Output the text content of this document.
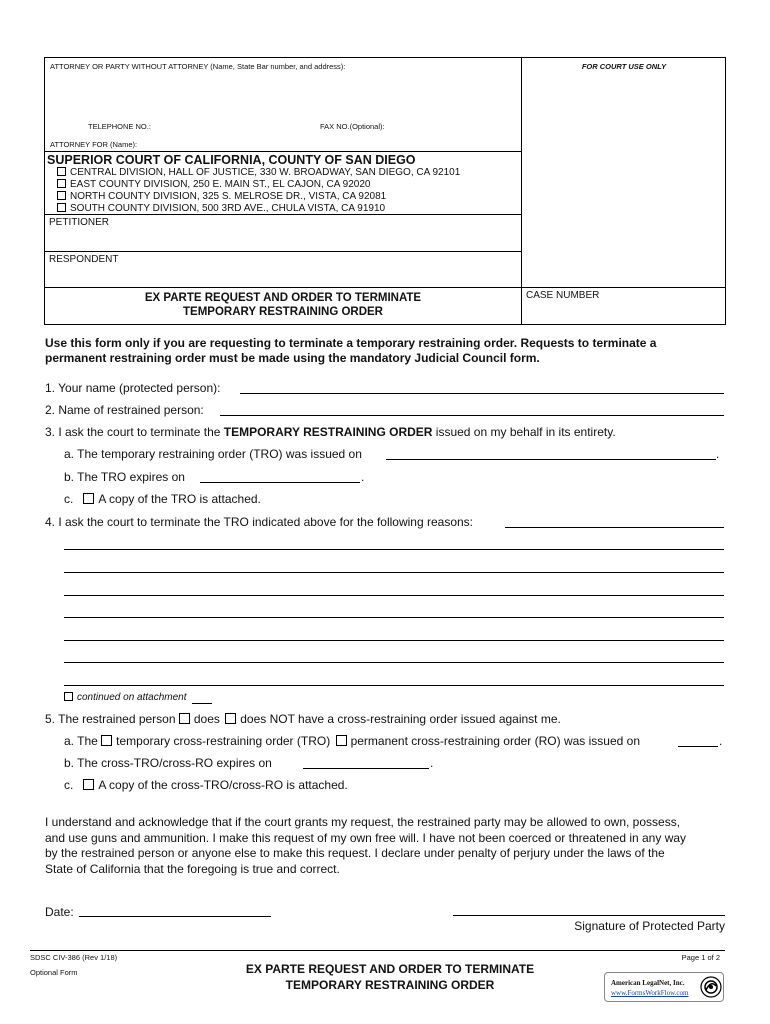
ATTORNEY OR PARTY WITHOUT ATTORNEY (Name, State Bar number, and address):	FOR COURT USE ONLY
TELEPHONE NO.:	FAX NO.(Optional):
ATTORNEY FOR (Name):
SUPERIOR COURT OF CALIFORNIA, COUNTY OF SAN DIEGO
CENTRAL DIVISION, HALL OF JUSTICE, 330 W. BROADWAY, SAN DIEGO, CA 92101
EAST COUNTY DIVISION, 250 E. MAIN ST., EL CAJON, CA 92020
NORTH COUNTY DIVISION, 325 S. MELROSE DR., VISTA, CA 92081
SOUTH COUNTY DIVISION, 500 3RD AVE., CHULA VISTA, CA 91910
PETITIONER
RESPONDENT
EX PARTE REQUEST AND ORDER TO TERMINATE
TEMPORARY RESTRAINING ORDER
CASE NUMBER
Use this form only if you are requesting to terminate a temporary restraining order. Requests to terminate a
permanent restraining order must be made using the mandatory Judicial Council form.
1. Your name (protected person):
2. Name of restrained person:
3. I ask the court to terminate the TEMPORARY RESTRAINING ORDER issued on my behalf in its entirety.
a. The temporary restraining order (TRO) was issued on	.
b. The TRO expires on	.
c. A copy of the TRO is attached.
4. I ask the court to terminate the TRO indicated above for the following reasons:
continued on attachment
5. The restrained person does does NOT have a cross-restraining order issued against me.
a. The temporary cross-restraining order (TRO) permanent cross-restraining order (RO) was issued on	.
b. The cross-TRO/cross-RO expires on	.
c. A copy of the cross-TRO/cross-RO is attached.
I understand and acknowledge that if the court grants my request, the restrained party may be allowed to own, possess,
and use guns and ammunition. I make this request of my own free will. I have not been coerced or threatened in any way
by the restrained person or anyone else to make this request. I declare under penalty of perjury under the laws of the
State of California that the foregoing is true and correct.
Date:
Signature of Protected Party
SDSC CIV-386 (Rev 1/18)
Optional Form	EX PARTE REQUEST AND ORDER TO TERMINATE
TEMPORARY RESTRAINING ORDER
Page 1 of 2
American LegalNet, Inc.
www.FormsWorkFlow.com
